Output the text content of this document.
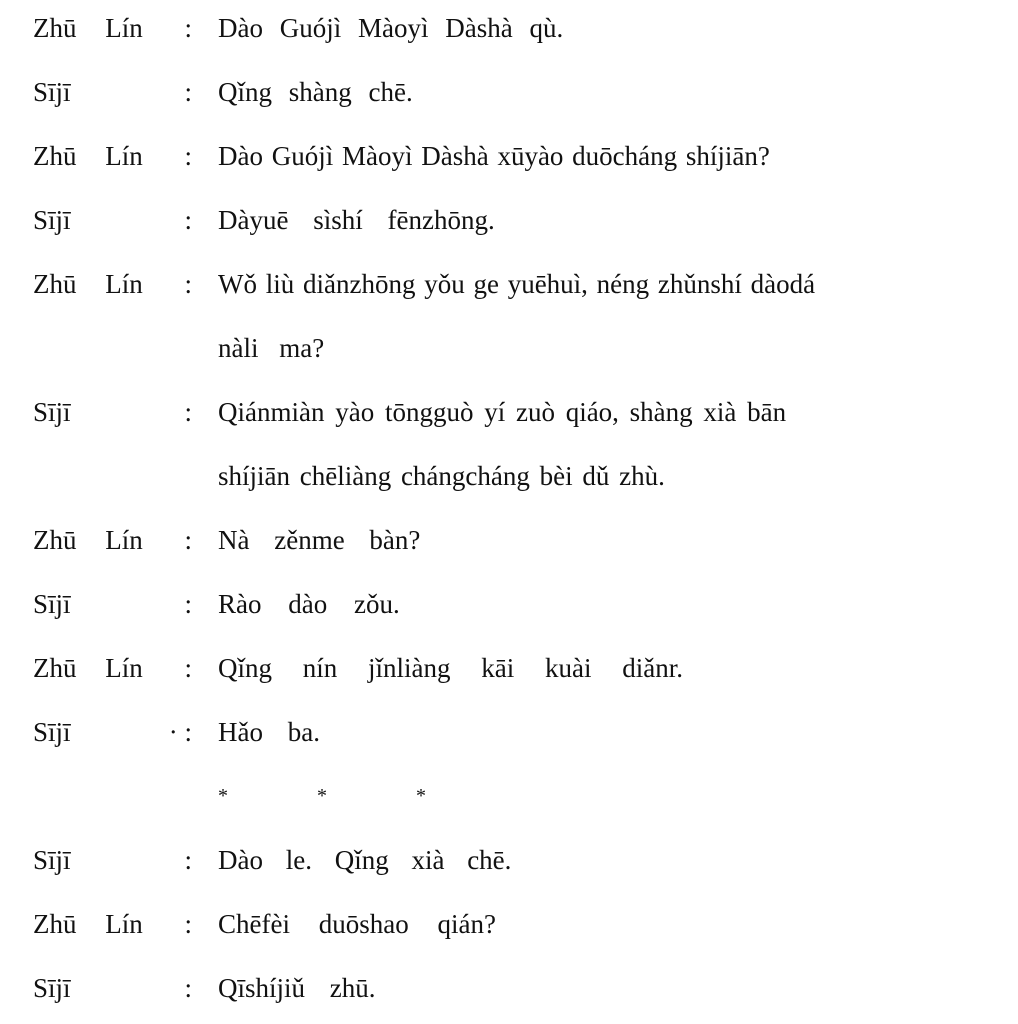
Zhū Lín	: Dào Guójì Màoyì Dàshà qù.
Sījī	: Qǐng shàng chē.
Zhū Lín	: Dào Guójì Màoyì Dàshà xūyào duōcháng shíjiān?
Sījī	: Dàyuē sìshí fēnzhōng.
Zhū Lín	: Wǒ liù diǎnzhōng yǒu ge yuēhuì, néng zhǔnshí dàodá
nàli ma?
Sījī	: Qiánmiàn yào tōngguò yí zuò qiáo, shàng xià bān
shíjiān chēliàng chángcháng bèi dǔ zhù.
Zhū Lín	: Nà zěnme bàn?
Sījī	: Rào dào zǒu.
Zhū Lín	: Qǐng nín jǐnliàng kāi kuài diǎnr.
Sījī	· : Hǎo ba.
* * *
Sījī	: Dào le. Qǐng xià chē.
Zhū Lín	: Chēfèi duōshao qián?
Sījī	: Qīshíjiǔ zhū.
